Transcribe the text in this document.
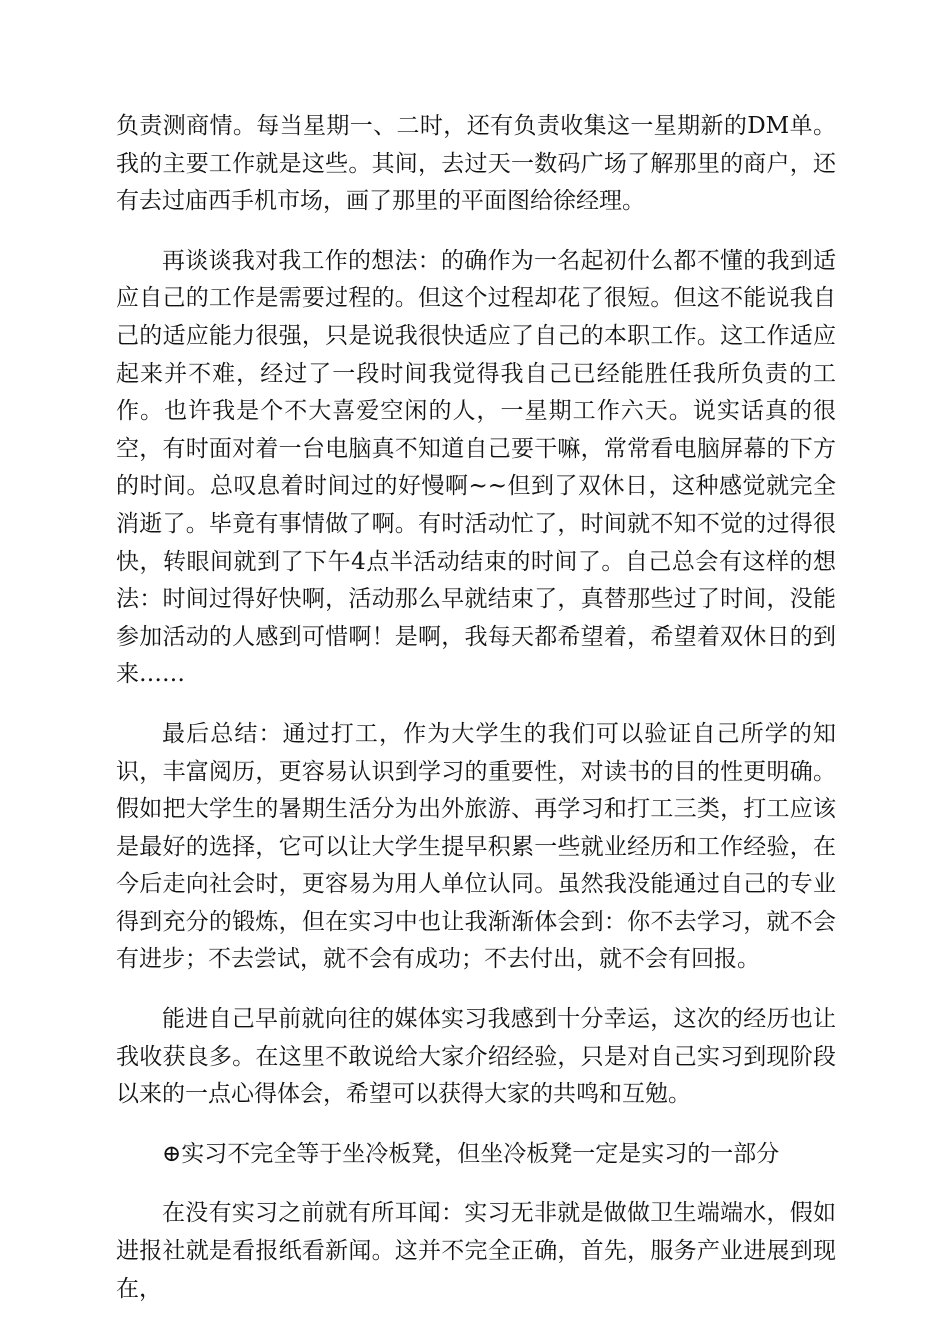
负责测商情。每当星期一、二时，还有负责收集这一星期新的DM单。我的主要工作就是这些。其间，去过天一数码广场了解那里的商户，还有去过庙西手机市场，画了那里的平面图给徐经理。

再谈谈我对我工作的想法：的确作为一名起初什么都不懂的我到适应自己的工作是需要过程的。但这个过程却花了很短。但这不能说我自己的适应能力很强，只是说我很快适应了自己的本职工作。这工作适应起来并不难，经过了一段时间我觉得我自己已经能胜任我所负责的工作。也许我是个不大喜爱空闲的人，一星期工作六天。说实话真的很空，有时面对着一台电脑真不知道自己要干嘛，常常看电脑屏幕的下方的时间。总叹息着时间过的好慢啊~~但到了双休日，这种感觉就完全消逝了。毕竟有事情做了啊。有时活动忙了，时间就不知不觉的过得很快，转眼间就到了下午4点半活动结束的时间了。自己总会有这样的想法：时间过得好快啊，活动那么早就结束了，真替那些过了时间，没能参加活动的人感到可惜啊！是啊，我每天都希望着，希望着双休日的到来……

最后总结：通过打工，作为大学生的我们可以验证自己所学的知识，丰富阅历，更容易认识到学习的重要性，对读书的目的性更明确。假如把大学生的暑期生活分为出外旅游、再学习和打工三类，打工应该是最好的选择，它可以让大学生提早积累一些就业经历和工作经验，在今后走向社会时，更容易为用人单位认同。虽然我没能通过自己的专业得到充分的锻炼，但在实习中也让我渐渐体会到：你不去学习，就不会有进步；不去尝试，就不会有成功；不去付出，就不会有回报。

能进自己早前就向往的媒体实习我感到十分幸运，这次的经历也让我收获良多。在这里不敢说给大家介绍经验，只是对自己实习到现阶段以来的一点心得体会，希望可以获得大家的共鸣和互勉。

⊕实习不完全等于坐冷板凳，但坐冷板凳一定是实习的一部分

在没有实习之前就有所耳闻：实习无非就是做做卫生端端水，假如进报社就是看报纸看新闻。这并不完全正确，首先，服务产业进展到现在，
